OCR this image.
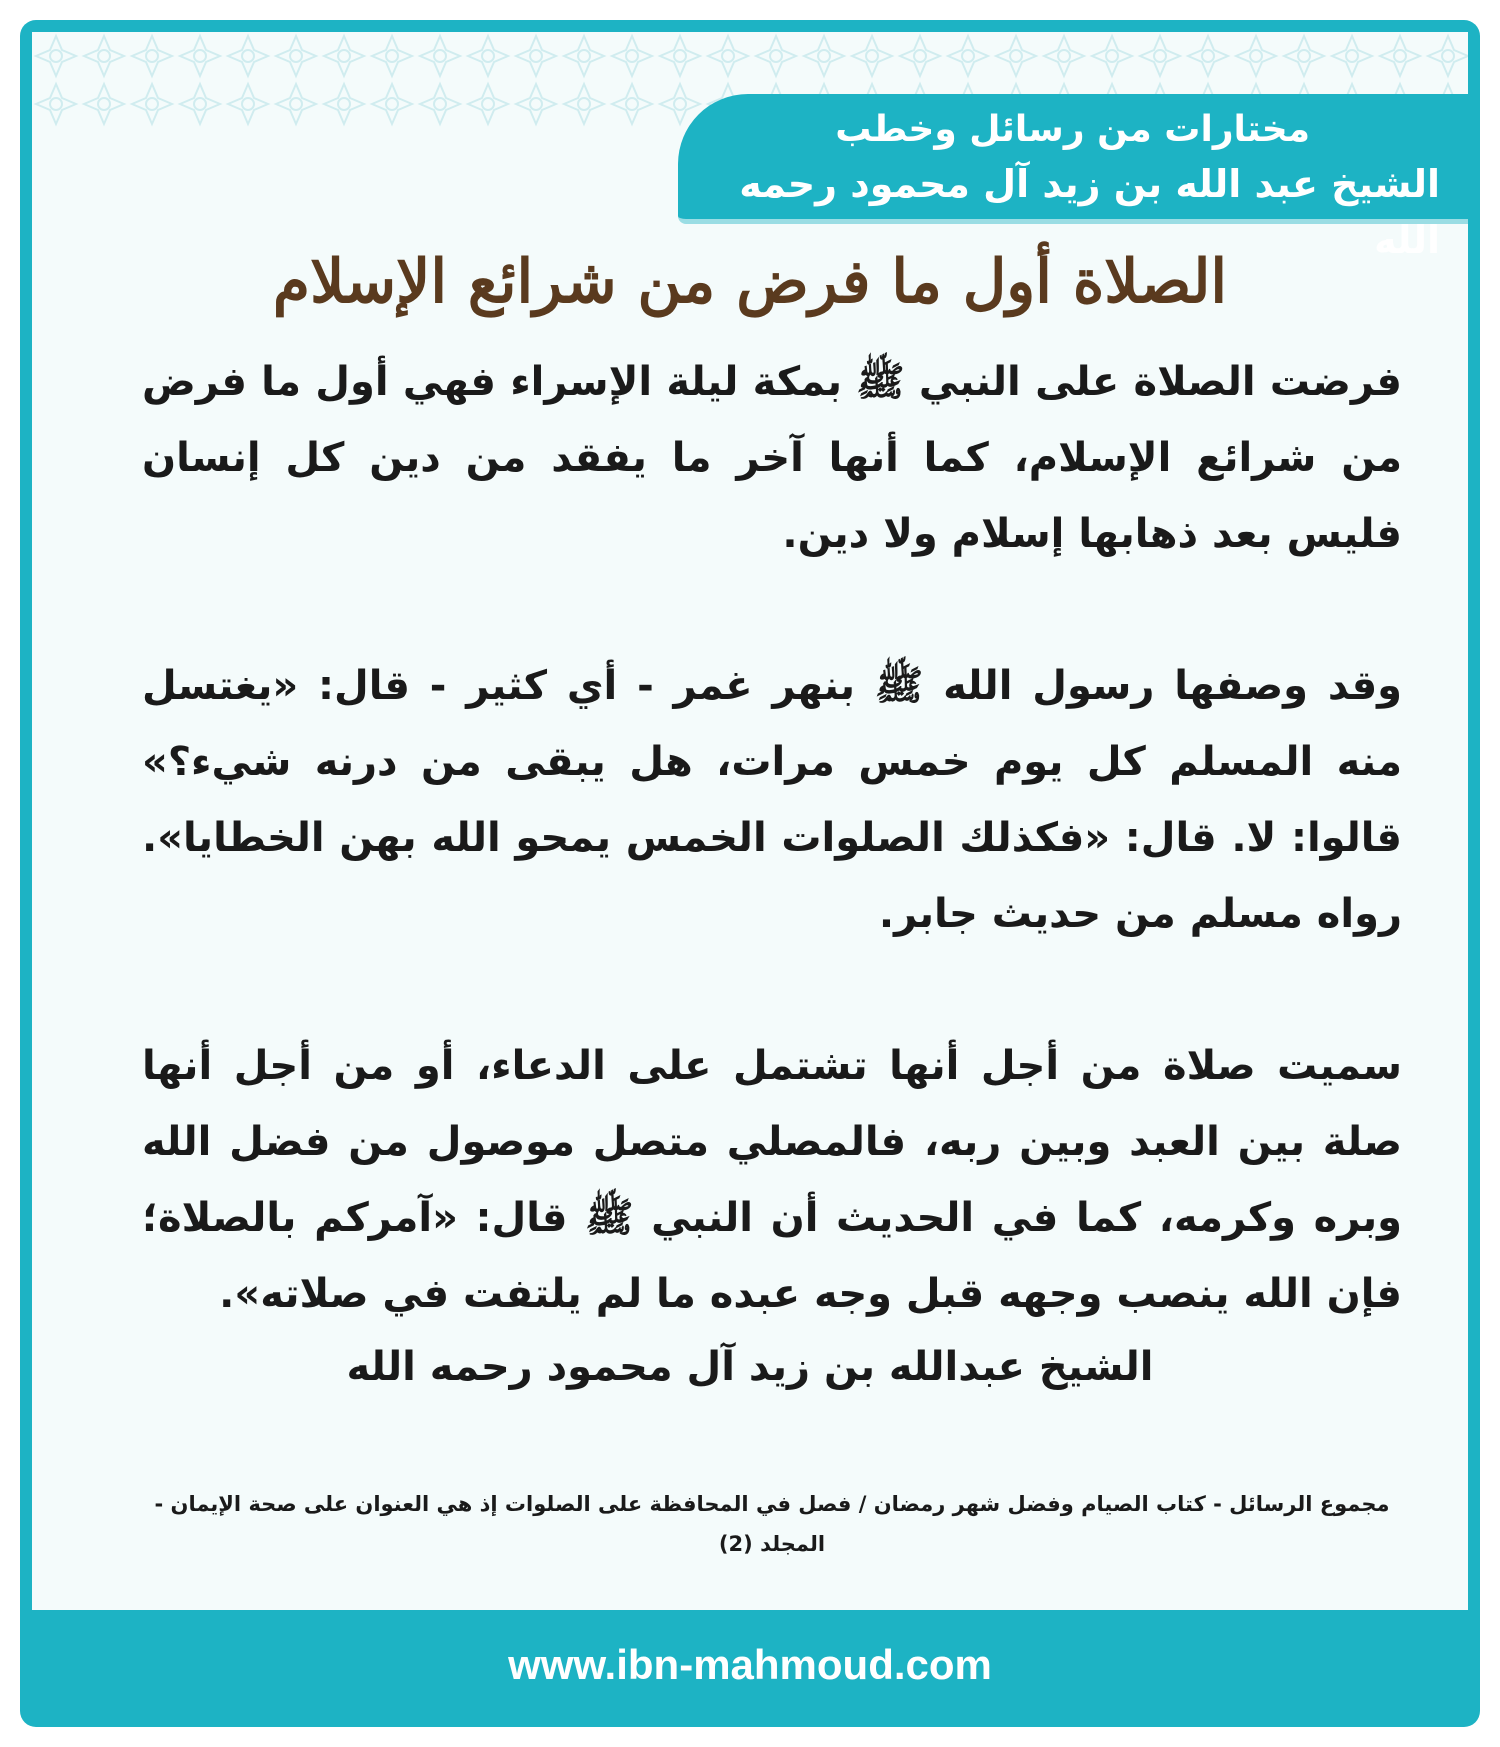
مختارات من رسائل وخطب
الشيخ عبد الله بن زيد آل محمود رحمه الله
الصلاة أول ما فرض من شرائع الإسلام

فرضت الصلاة على النبي ﷺ بمكة ليلة الإسراء فهي أول ما فرض من شرائع الإسلام، كما أنها آخر ما يفقد من دين كل إنسان فليس بعد ذهابها إسلام ولا دين.

وقد وصفها رسول الله ﷺ بنهر غمر - أي كثير - قال: «يغتسل منه المسلم كل يوم خمس مرات، هل يبقى من درنه شيء؟» قالوا: لا. قال: «فكذلك الصلوات الخمس يمحو الله بهن الخطايا». رواه مسلم من حديث جابر.

سميت صلاة من أجل أنها تشتمل على الدعاء، أو من أجل أنها صلة بين العبد وبين ربه، فالمصلي متصل موصول من فضل الله وبره وكرمه، كما في الحديث أن النبي ﷺ قال: «آمركم بالصلاة؛ فإن الله ينصب وجهه قبل وجه عبده ما لم يلتفت في صلاته».

الشيخ عبدالله بن زيد آل محمود رحمه الله
مجموع الرسائل - كتاب الصيام وفضل شهر رمضان / فصل في المحافظة على الصلوات إذ هي العنوان على صحة الإيمان - المجلد (2)
www.ibn-mahmoud.com
